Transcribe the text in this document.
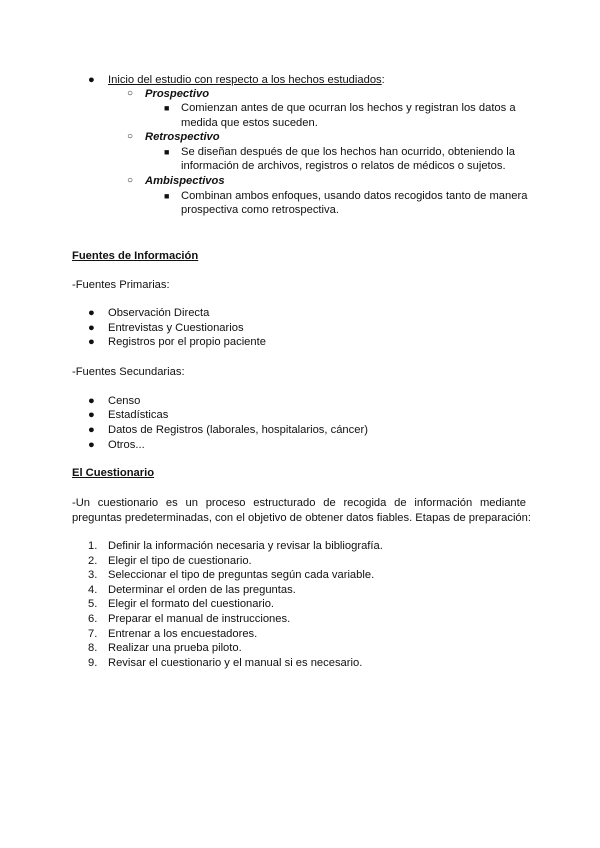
● Inicio del estudio con respecto a los hechos estudiados:
○ Prospectivo
■ Comienzan antes de que ocurran los hechos y registran los datos a
medida que estos suceden.
○ Retrospectivo
■ Se diseñan después de que los hechos han ocurrido, obteniendo la
información de archivos, registros o relatos de médicos o sujetos.
○ Ambispectivos
■ Combinan ambos enfoques, usando datos recogidos tanto de manera
prospectiva como retrospectiva.
Fuentes de Información
-Fuentes Primarias:
● Observación Directa
● Entrevistas y Cuestionarios
● Registros por el propio paciente
-Fuentes Secundarias:
● Censo
● Estadísticas
● Datos de Registros (laborales, hospitalarios, cáncer)
● Otros...
El Cuestionario
-Un cuestionario es un proceso estructurado de recogida de información mediante
preguntas predeterminadas, con el objetivo de obtener datos fiables. Etapas de preparación:
1. Definir la información necesaria y revisar la bibliografía.
2. Elegir el tipo de cuestionario.
3. Seleccionar el tipo de preguntas según cada variable.
4. Determinar el orden de las preguntas.
5. Elegir el formato del cuestionario.
6. Preparar el manual de instrucciones.
7. Entrenar a los encuestadores.
8. Realizar una prueba piloto.
9. Revisar el cuestionario y el manual si es necesario.
